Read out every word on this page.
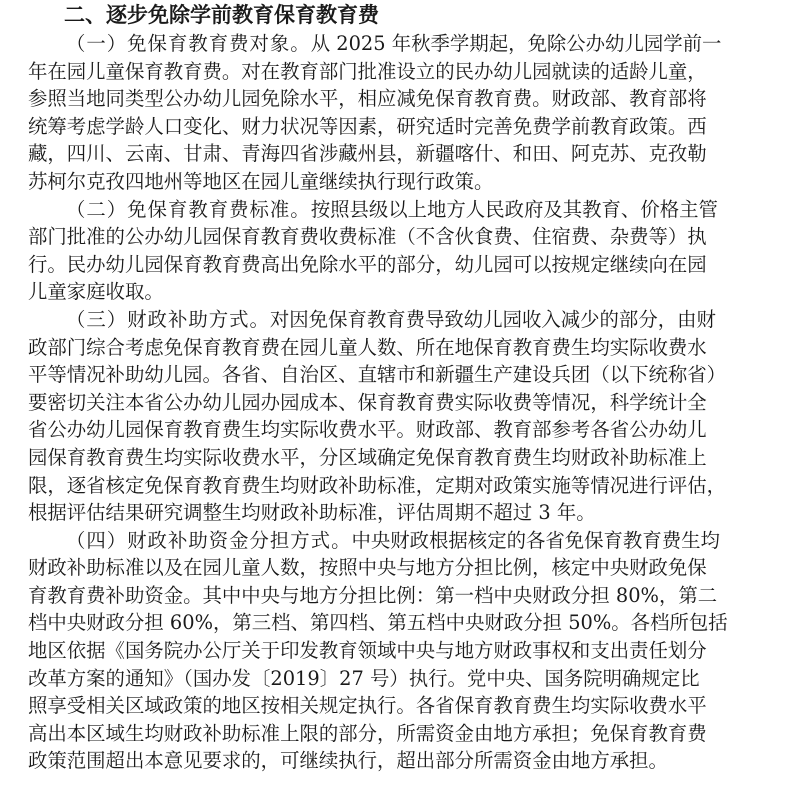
二、逐步免除学前教育保育教育费
（一）免保育教育费对象。从 2025 年秋季学期起，免除公办幼儿园学前一
年在园儿童保育教育费。对在教育部门批准设立的民办幼儿园就读的适龄儿童，
参照当地同类型公办幼儿园免除水平，相应减免保育教育费。财政部、教育部将
统筹考虑学龄人口变化、财力状况等因素，研究适时完善免费学前教育政策。西
藏，四川、云南、甘肃、青海四省涉藏州县，新疆喀什、和田、阿克苏、克孜勒
苏柯尔克孜四地州等地区在园儿童继续执行现行政策。
（二）免保育教育费标准。按照县级以上地方人民政府及其教育、价格主管
部门批准的公办幼儿园保育教育费收费标准（不含伙食费、住宿费、杂费等）执
行。民办幼儿园保育教育费高出免除水平的部分，幼儿园可以按规定继续向在园
儿童家庭收取。
（三）财政补助方式。对因免保育教育费导致幼儿园收入减少的部分，由财
政部门综合考虑免保育教育费在园儿童人数、所在地保育教育费生均实际收费水
平等情况补助幼儿园。各省、自治区、直辖市和新疆生产建设兵团（以下统称省）
要密切关注本省公办幼儿园办园成本、保育教育费实际收费等情况，科学统计全
省公办幼儿园保育教育费生均实际收费水平。财政部、教育部参考各省公办幼儿
园保育教育费生均实际收费水平，分区域确定免保育教育费生均财政补助标准上
限，逐省核定免保育教育费生均财政补助标准，定期对政策实施等情况进行评估，
根据评估结果研究调整生均财政补助标准，评估周期不超过 3 年。
（四）财政补助资金分担方式。中央财政根据核定的各省免保育教育费生均
财政补助标准以及在园儿童人数，按照中央与地方分担比例，核定中央财政免保
育教育费补助资金。其中中央与地方分担比例：第一档中央财政分担 80%，第二
档中央财政分担 60%，第三档、第四档、第五档中央财政分担 50%。各档所包括
地区依据《国务院办公厅关于印发教育领域中央与地方财政事权和支出责任划分
改革方案的通知》（国办发〔2019〕27 号）执行。党中央、国务院明确规定比
照享受相关区域政策的地区按相关规定执行。各省保育教育费生均实际收费水平
高出本区域生均财政补助标准上限的部分，所需资金由地方承担；免保育教育费
政策范围超出本意见要求的，可继续执行，超出部分所需资金由地方承担。
